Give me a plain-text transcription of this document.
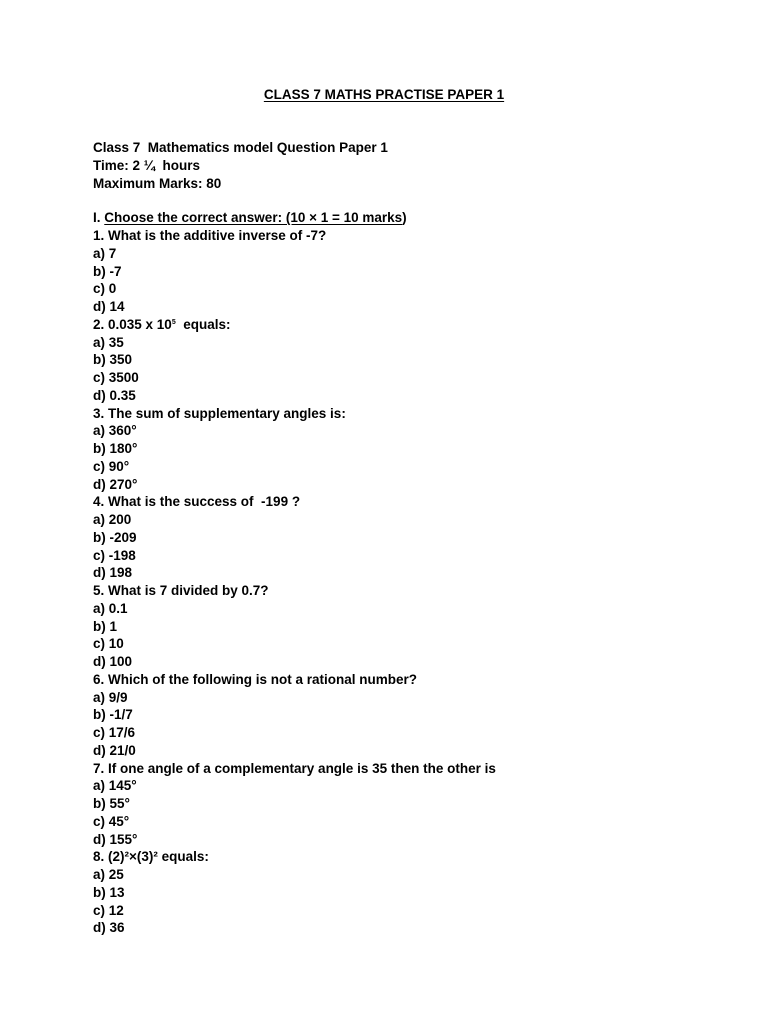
CLASS 7 MATHS PRACTISE PAPER 1
Class 7  Mathematics model Question Paper 1
Time: 2 ¼  hours
Maximum Marks: 80
I. Choose the correct answer: (10 × 1 = 10 marks)
1. What is the additive inverse of -7?
a) 7
b) -7
c) 0
d) 14
2. 0.035 x $10^5$  equals:
a) 35
b) 350
c) 3500
d) 0.35
3. The sum of supplementary angles is:
a) 360°
b) 180°
c) 90°
d) 270°
4. What is the success of  -199 ?
a) 200
b) -209
c) -198
d) 198
5. What is 7 divided by 0.7?
a) 0.1
b) 1
c) 10
d) 100
6. Which of the following is not a rational number?
a) 9/9
b) -1/7
c) 17/6
d) 21/0
7. If one angle of a complementary angle is 35 then the other is
a) 145°
b) 55°
c) 45°
d) 155°
8. (2)²×(3)² equals:
a) 25
b) 13
c) 12
d) 36
